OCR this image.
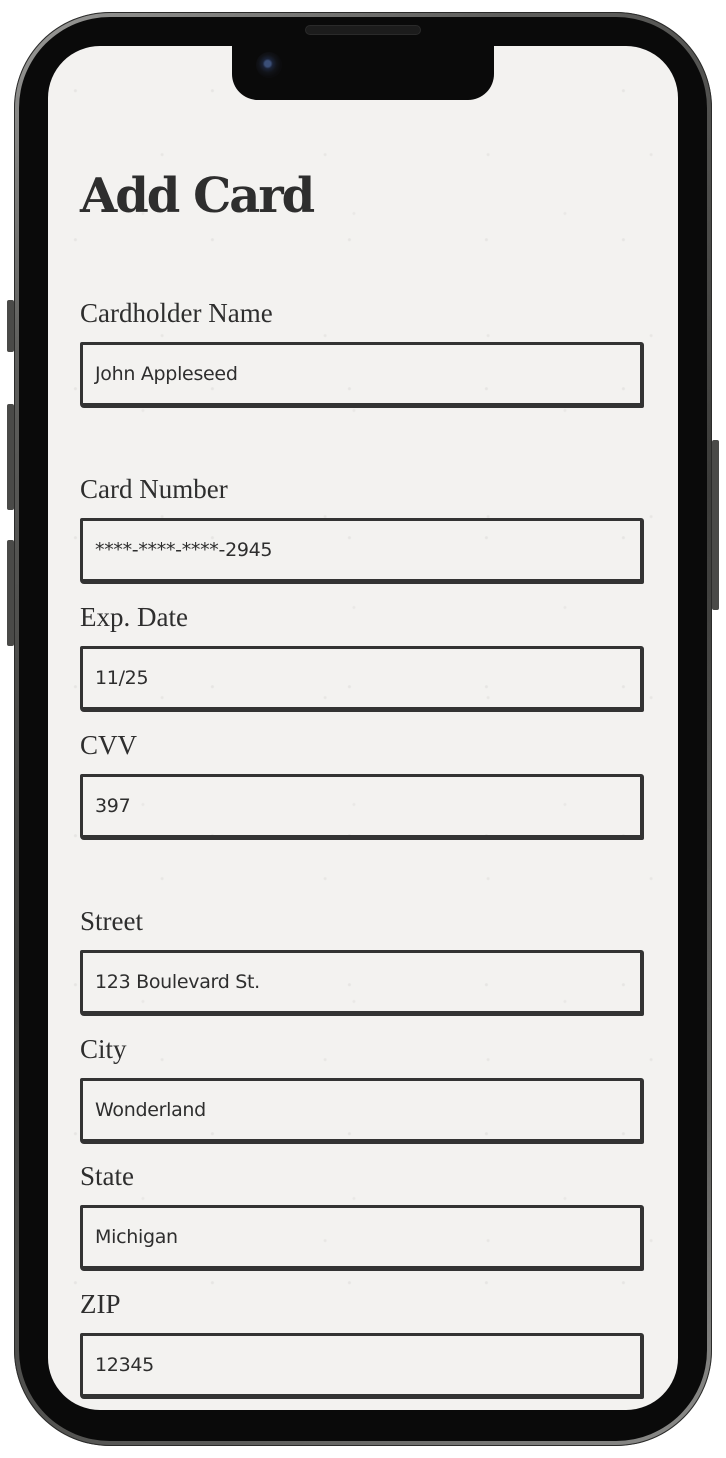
Add Card
Cardholder Name
John Appleseed
Card Number
****-****-****-2945
Exp. Date
11/25
CVV
397
Street
123 Boulevard St.
City
Wonderland
State
Michigan
ZIP
12345
